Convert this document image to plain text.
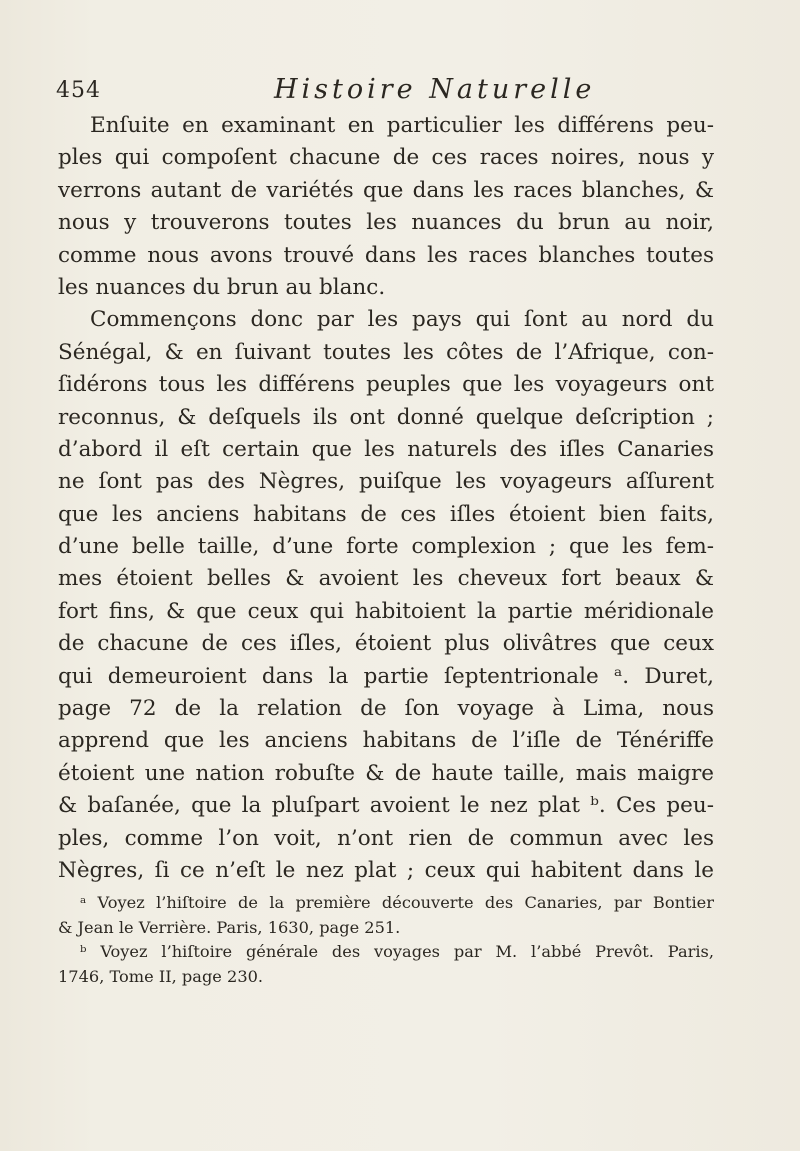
454	Histoire Naturelle
Enſuite en examinant en particulier les différens peu-
ples qui compoſent chacune de ces races noires, nous y
verrons autant de variétés que dans les races blanches, &
nous y trouverons toutes les nuances du brun au noir,
comme nous avons trouvé dans les races blanches toutes
les nuances du brun au blanc.
Commençons donc par les pays qui ſont au nord du
Sénégal, & en ſuivant toutes les côtes de l’Afrique, con-
ſidérons tous les différens peuples que les voyageurs ont
reconnus, & deſquels ils ont donné quelque deſcription ;
d’abord il eſt certain que les naturels des iſles Canaries
ne ſont pas des Nègres, puiſque les voyageurs aſſurent
que les anciens habitans de ces iſles étoient bien faits,
d’une belle taille, d’une forte complexion ; que les fem-
mes étoient belles & avoient les cheveux fort beaux &
fort fins, & que ceux qui habitoient la partie méridionale
de chacune de ces iſles, étoient plus olivâtres que ceux
qui demeuroient dans la partie ſeptentrionale ᵃ. Duret,
page 72 de la relation de ſon voyage à Lima, nous
apprend que les anciens habitans de l’iſle de Ténériffe
étoient une nation robuſte & de haute taille, mais maigre
& baſanée, que la pluſpart avoient le nez plat ᵇ. Ces peu-
ples, comme l’on voit, n’ont rien de commun avec les
Nègres, ſi ce n’eſt le nez plat ; ceux qui habitent dans le
ᵃ Voyez l’hiſtoire de la première découverte des Canaries, par Bontier
& Jean le Verrière. Paris, 1630, page 251.
ᵇ Voyez l’hiſtoire générale des voyages par M. l’abbé Prevôt. Paris,
1746, Tome II, page 230.
